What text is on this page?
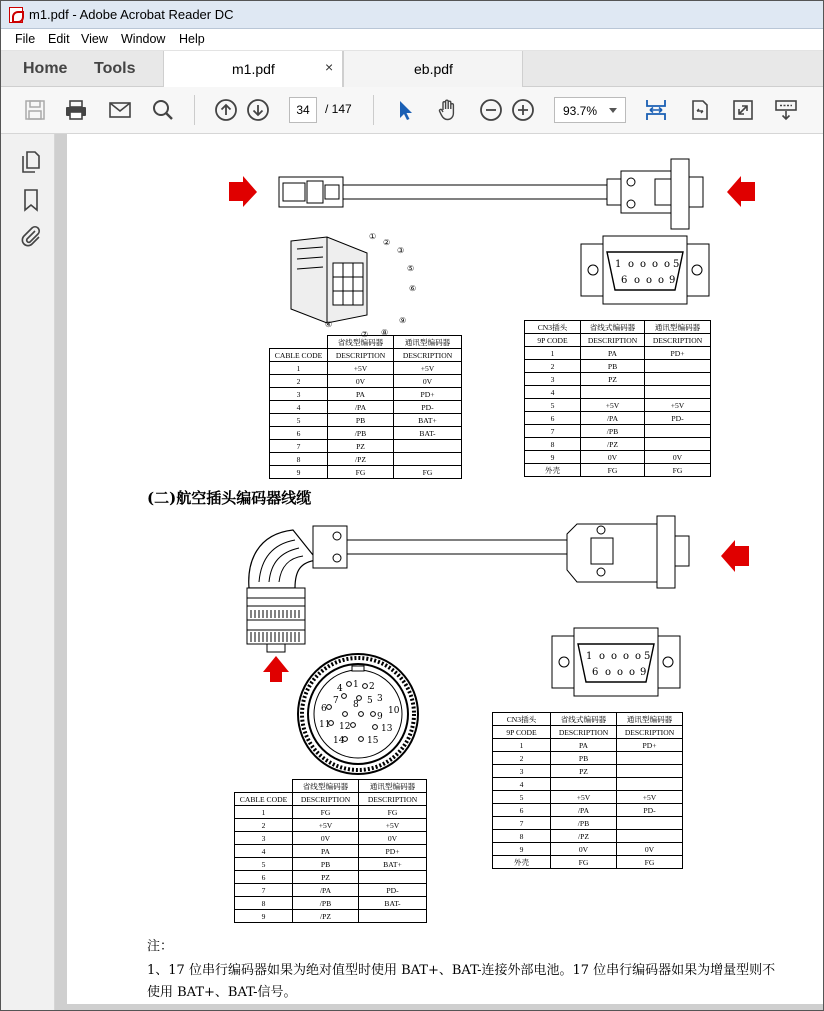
m1.pdf - Adobe Acrobat Reader DC
File Edit View Window Help
Home Tools	m1.pdf	×	eb.pdf
34	/ 147	93.7%
①
②
③
④
⑤
⑥
⑦ ⑧
⑨
1 o o o o 5
6 o o o 9
	省线型编码器	通讯型编码器
CABLE CODE	DESCRIPTION	DESCRIPTION
1	+5V	+5V
2	0V	0V
3	PA	PD+
4	/PA	PD-
5	PB	BAT+
6	/PB	BAT-
7	PZ	
8	/PZ	
9	FG	FG
CN3插头	省线式编码器	通讯型编码器
9P CODE	DESCRIPTION	DESCRIPTION
1	PA	PD+
2	PB	
3	PZ	
4		
5	+5V	+5V
6	/PA	PD-
7	/PB	
8	/PZ	
9	0V	0V
外壳	FG	FG
(二)航空插头编码器线缆
1 o o o o 5
6 o o o 9
1 2
3
4
5
6
7 8
9
10
11 12	13
14	15
	省线型编码器	通讯型编码器
CABLE CODE	DESCRIPTION	DESCRIPTION
1	FG	FG
2	+5V	+5V
3	0V	0V
4	PA	PD+
5	PB	BAT+
6	PZ	
7	/PA	PD-
8	/PB	BAT-
9	/PZ	
CN3插头	省线式编码器	通讯型编码器
9P CODE	DESCRIPTION	DESCRIPTION
1	PA	PD+
2	PB	
3	PZ	
4		
5	+5V	+5V
6	/PA	PD-
7	/PB	
8	/PZ	
9	0V	0V
外壳	FG	FG
注：
1、17 位串行编码器如果为绝对值型时使用 BAT+、BAT-连接外部电池。17 位串行编码器如果为增量型则不
使用 BAT+、BAT-信号。
